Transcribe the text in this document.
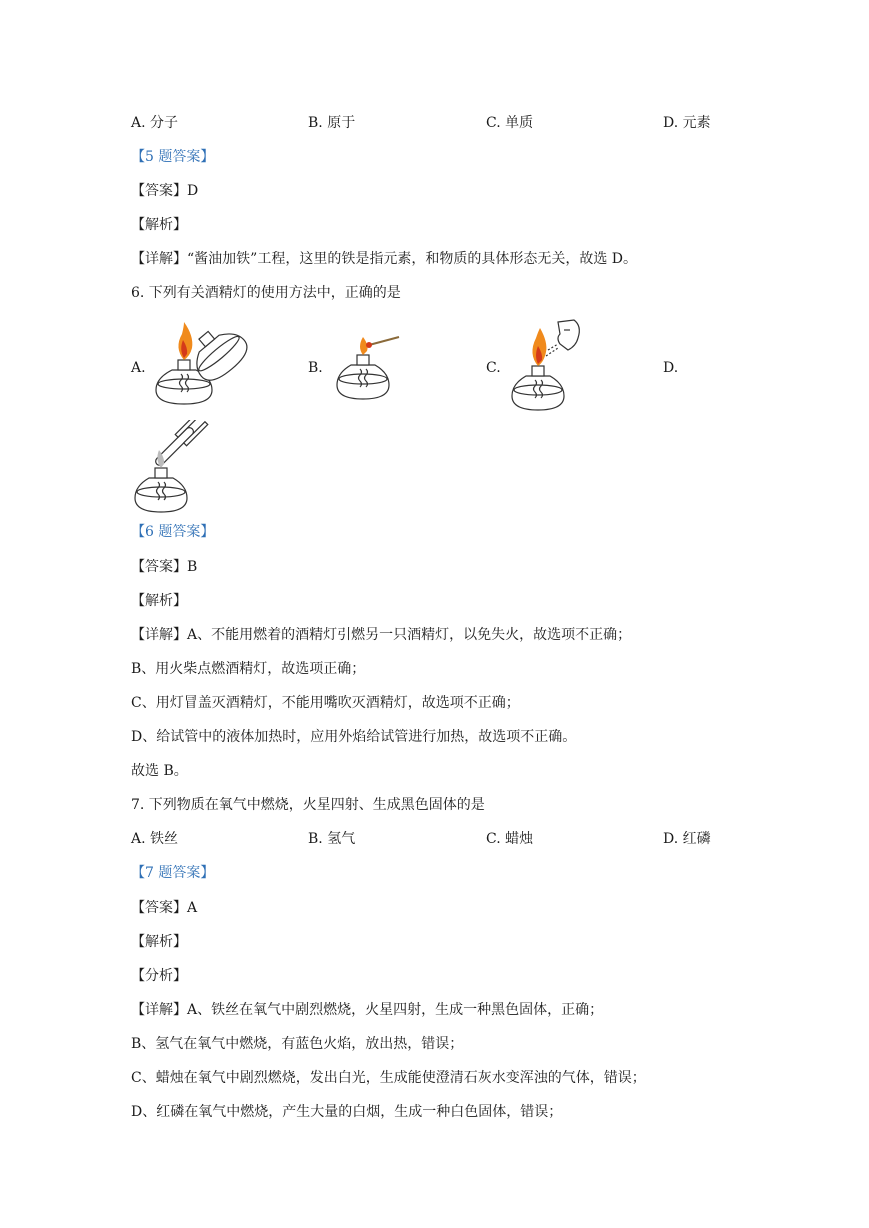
A. 分子	B. 原于	C. 单质	D. 元素
【5 题答案】
【答案】D
【解析】
【详解】“酱油加铁”工程，这里的铁是指元素，和物质的具体形态无关，故选 D。
6. 下列有关酒精灯的使用方法中，正确的是
A.	B.	C.	D.
【6 题答案】
【答案】B
【解析】
【详解】A、不能用燃着的酒精灯引燃另一只酒精灯，以免失火，故选项不正确；
B、用火柴点燃酒精灯，故选项正确；
C、用灯冒盖灭酒精灯，不能用嘴吹灭酒精灯，故选项不正确；
D、给试管中的液体加热时，应用外焰给试管进行加热，故选项不正确。
故选 B。
7. 下列物质在氧气中燃烧，火星四射、生成黑色固体的是
A. 铁丝	B. 氢气	C. 蜡烛	D. 红磷
【7 题答案】
【答案】A
【解析】
【分析】
【详解】A、铁丝在氧气中剧烈燃烧，火星四射，生成一种黑色固体，正确；
B、氢气在氧气中燃烧，有蓝色火焰，放出热，错误；
C、蜡烛在氧气中剧烈燃烧，发出白光，生成能使澄清石灰水变浑浊的气体，错误；
D、红磷在氧气中燃烧，产生大量的白烟，生成一种白色固体，错误；
